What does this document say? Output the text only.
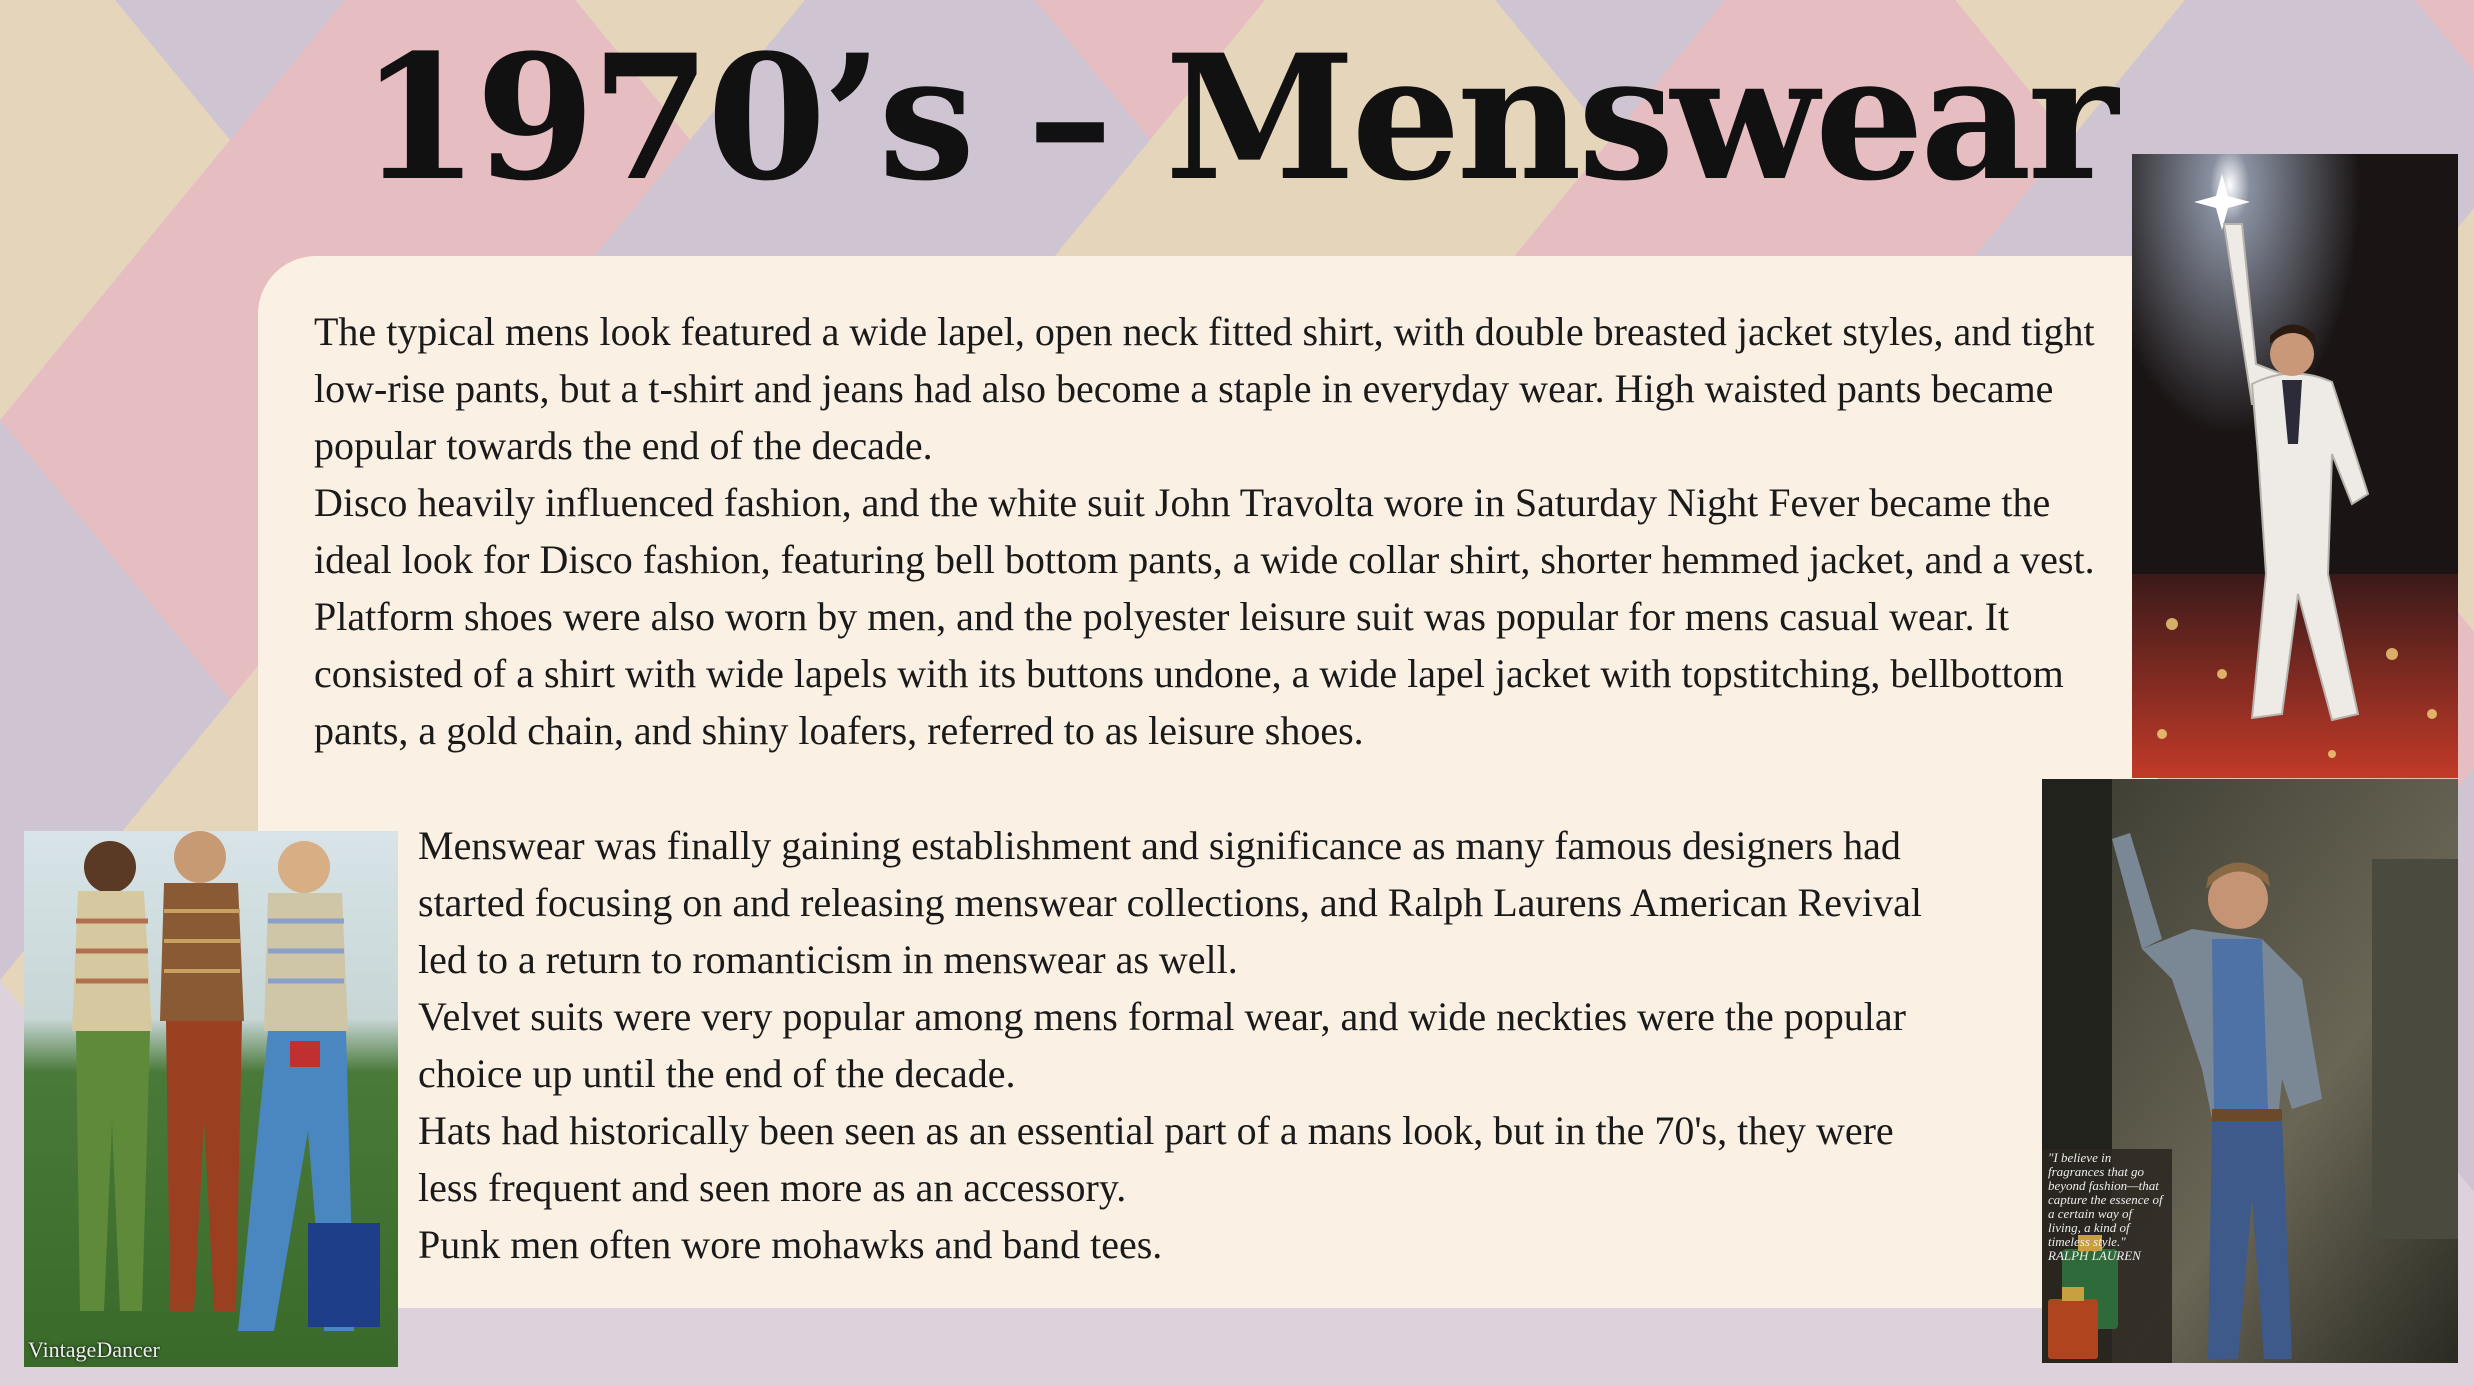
1970’s – Menswear

The typical mens look featured a wide lapel, open neck fitted shirt, with double breasted jacket styles, and tight low-rise pants, but a t-shirt and jeans had also become a staple in everyday wear. High waisted pants became popular towards the end of the decade.

Disco heavily influenced fashion, and the white suit John Travolta wore in Saturday Night Fever became the ideal look for Disco fashion, featuring bell bottom pants, a wide collar shirt, shorter hemmed jacket, and a vest.

Platform shoes were also worn by men, and the polyester leisure suit was popular for mens casual wear. It consisted of a shirt with wide lapels with its buttons undone, a wide lapel jacket with topstitching, bellbottom pants, a gold chain, and shiny loafers, referred to as leisure shoes.

Menswear was finally gaining establishment and significance as many famous designers had started focusing on and releasing menswear collections, and Ralph Laurens American Revival led to a return to romanticism in menswear as well.

Velvet suits were very popular among mens formal wear, and wide neckties were the popular choice up until the end of the decade.

Hats had historically been seen as an essential part of a mans look, but in the 70's, they were less frequent and seen more as an accessory.

Punk men often wore mohawks and band tees.

"I believe in fragrances that go beyond fashion—that capture the essence of a certain way of living, a kind of timeless style." RALPH LAUREN
VintageDancer
